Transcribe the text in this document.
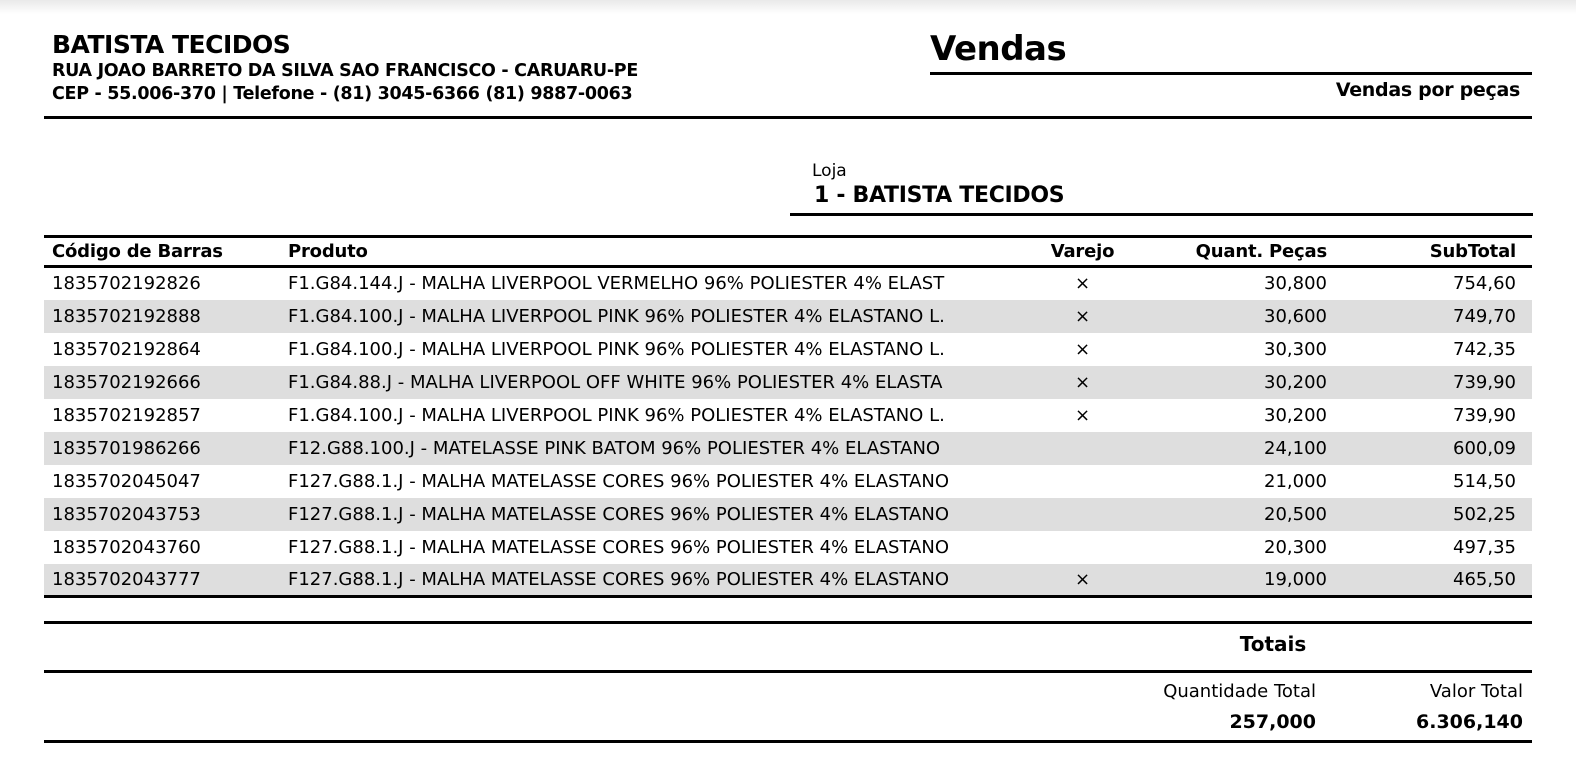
BATISTA TECIDOS
RUA JOAO BARRETO DA SILVA SAO FRANCISCO - CARUARU-PE
CEP - 55.006-370 | Telefone - (81) 3045-6366 (81) 9887-0063
Vendas
Vendas por peças
Loja
1 - BATISTA TECIDOS
Código de Barras	Produto	Varejo	Quant. Peças	SubTotal
1835702192826	F1.G84.144.J - MALHA LIVERPOOL VERMELHO 96% POLIESTER 4% ELAST	×	30,800	754,60
1835702192888	F1.G84.100.J - MALHA LIVERPOOL PINK 96% POLIESTER 4% ELASTANO L.	×	30,600	749,70
1835702192864	F1.G84.100.J - MALHA LIVERPOOL PINK 96% POLIESTER 4% ELASTANO L.	×	30,300	742,35
1835702192666	F1.G84.88.J - MALHA LIVERPOOL OFF WHITE 96% POLIESTER 4% ELASTA	×	30,200	739,90
1835702192857	F1.G84.100.J - MALHA LIVERPOOL PINK 96% POLIESTER 4% ELASTANO L.	×	30,200	739,90
1835701986266	F12.G88.100.J - MATELASSE PINK BATOM 96% POLIESTER 4% ELASTANO		24,100	600,09
1835702045047	F127.G88.1.J - MALHA MATELASSE CORES 96% POLIESTER 4% ELASTANO		21,000	514,50
1835702043753	F127.G88.1.J - MALHA MATELASSE CORES 96% POLIESTER 4% ELASTANO		20,500	502,25
1835702043760	F127.G88.1.J - MALHA MATELASSE CORES 96% POLIESTER 4% ELASTANO		20,300	497,35
1835702043777	F127.G88.1.J - MALHA MATELASSE CORES 96% POLIESTER 4% ELASTANO	×	19,000	465,50
Totais
Quantidade Total	Valor Total
257,000	6.306,140
